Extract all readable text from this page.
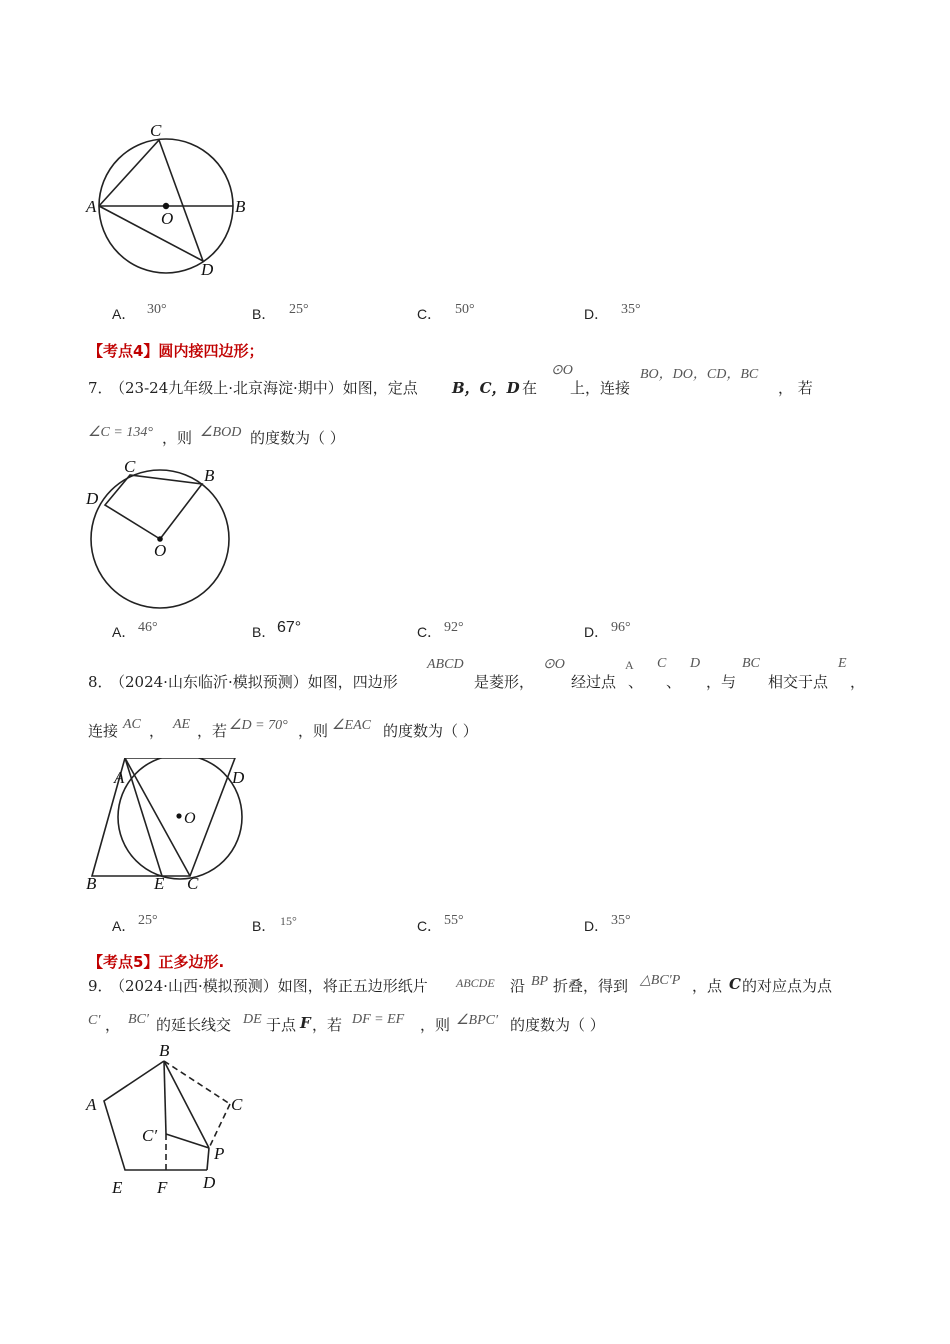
C
A	B
O
D
A． 30°	B． 25°	C． 50°	D． 35°
【考点4】圆内接四边形；
7．
（23-24九年级上·北京海淀·期中）如图，定点 B，C，D 在
⊙O
上，连接
BO，DO，CD，BC
， 若
∠C = 134° ，则 ∠BOD 的度数为（ ）
C	B
D
O
A． 46°	B． 67°	C． 92°	D． 96°
8．
（2024·山东临沂·模拟预测）如图，四边形
ABCD
是菱形，
⊙O
经过点
A
、
C
、
D
，与
BC
相交于点
E
，
连接 AC ， AE ，若 ∠D = 70° ，则 ∠EAC 的度数为（ ）
A	D
O
B	E C
A． 25°	B． 15°	C． 55°	D． 35°
【考点5】正多边形.
9．
（2024·山西·模拟预测）如图，将正五边形纸片 ABCDE 沿 BP 折叠，得到 △BC′P ，点 C 的对应点为点
C′ ， BC′ 的延长线交 DE 于点 F ，若 DF = EF ，则 ∠BPC′ 的度数为（ ）
B
A	C
C′
P
E F D
